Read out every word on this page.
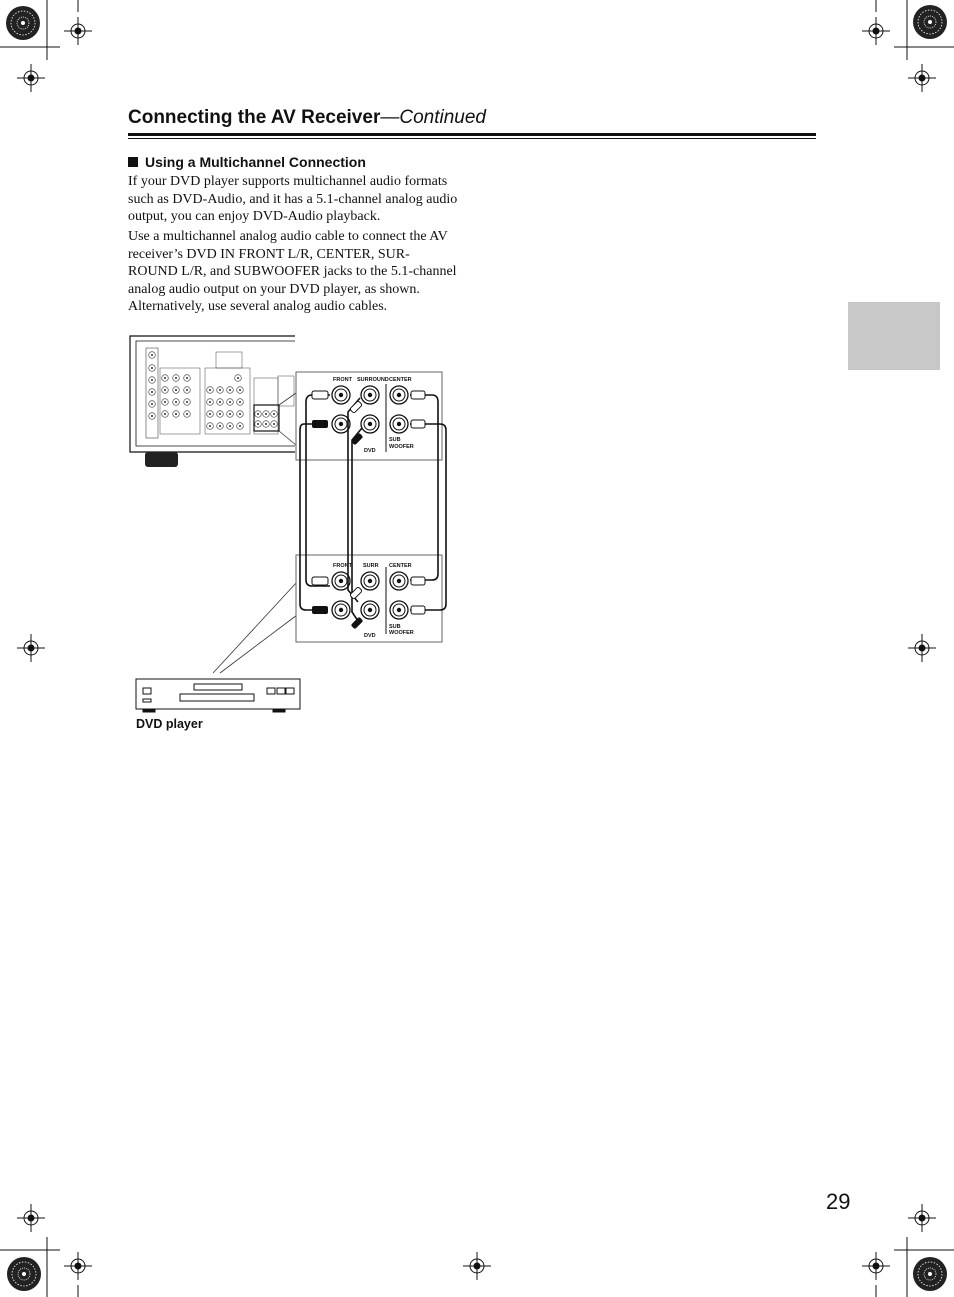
FRONT SURROUND CENTER
DVD
SUB
WOOFER
FRONT SURR CENTER
DVD
SUB
WOOFER
Connecting the AV Receiver—Continued
Using a Multichannel Connection
If your DVD player supports multichannel audio formats such as DVD-Audio, and it has a 5.1-channel analog audio output, you can enjoy DVD-Audio playback.
Use a multichannel analog audio cable to connect the AV receiver’s DVD IN FRONT L/R, CENTER, SUR-ROUND L/R, and SUBWOOFER jacks to the 5.1-channel analog audio output on your DVD player, as shown. Alternatively, use several analog audio cables.
DVD player
29
